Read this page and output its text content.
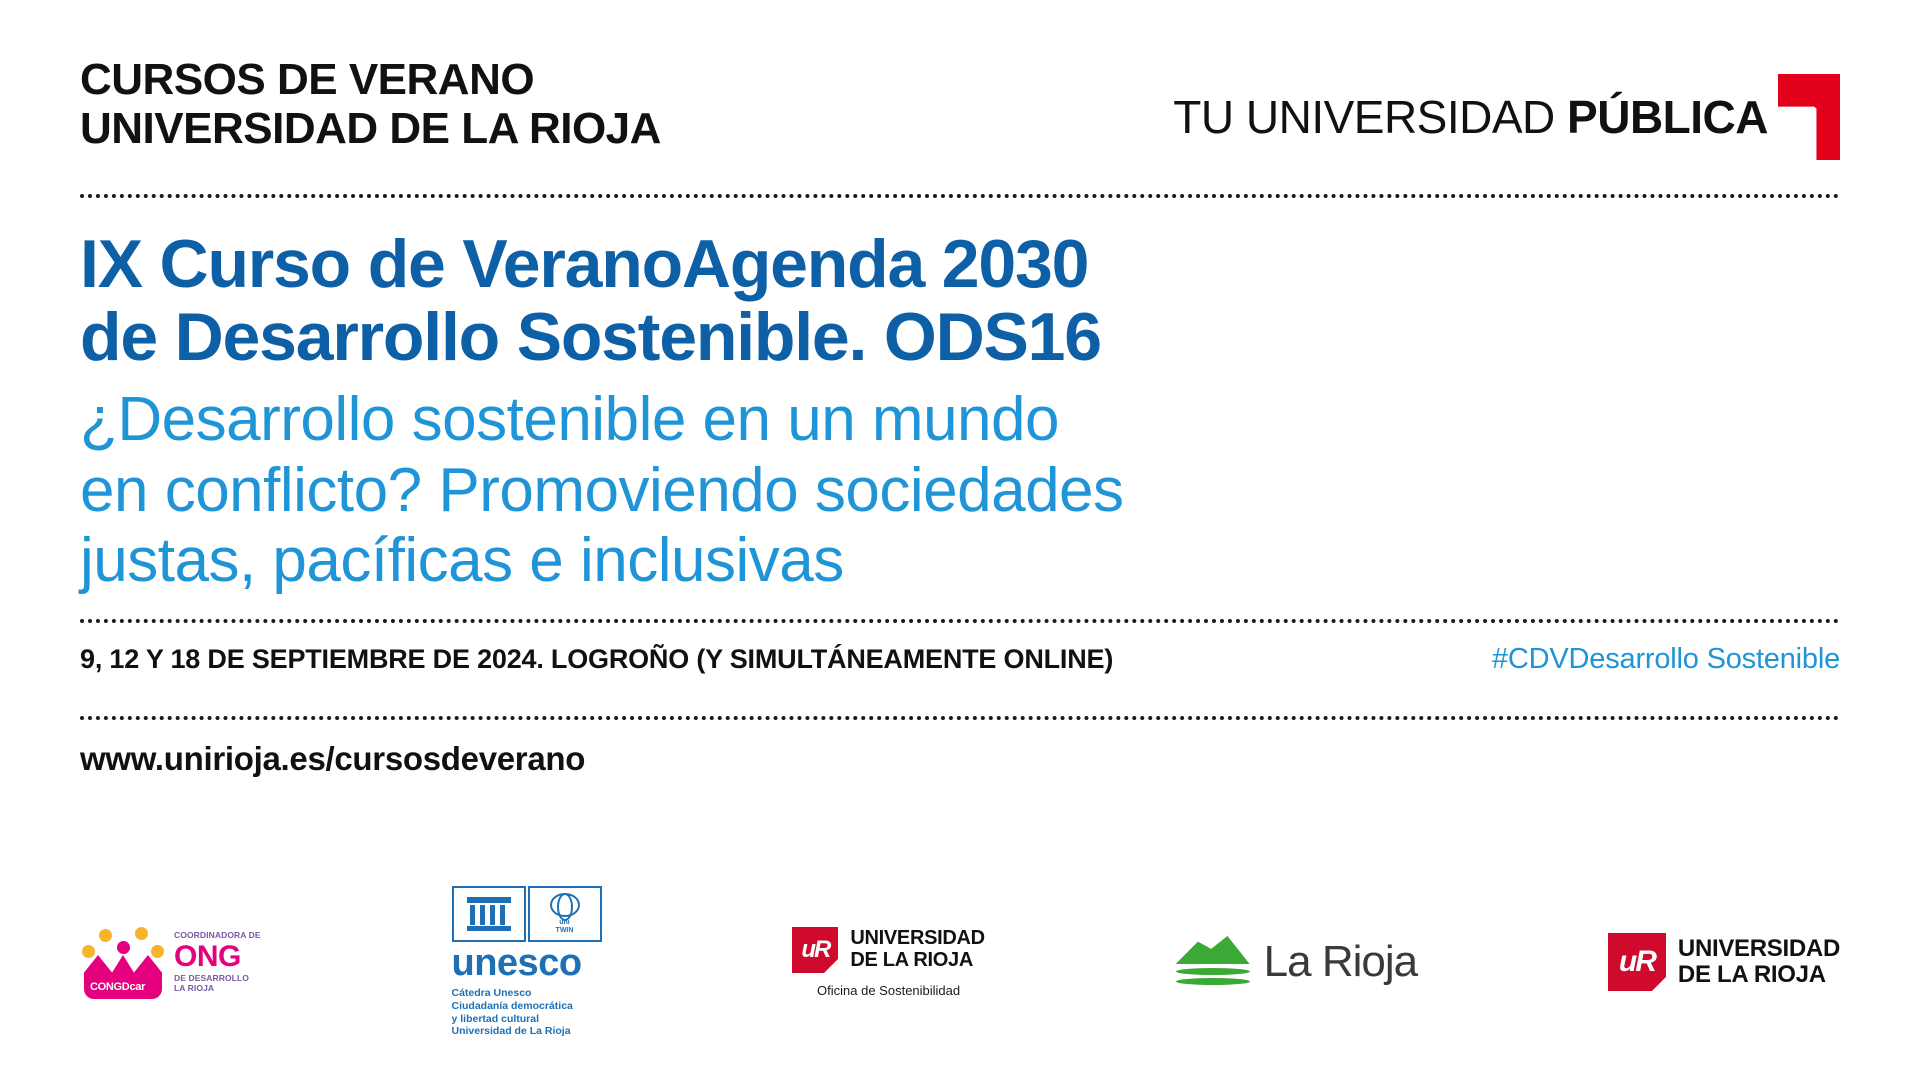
CURSOS DE VERANO
UNIVERSIDAD DE LA RIOJA	TU UNIVERSIDAD PÚBLICA
IX Curso de VeranoAgenda 2030
de Desarrollo Sostenible. ODS16
¿Desarrollo sostenible en un mundo
en conflicto? Promoviendo sociedades
justas, pacíficas e inclusivas
9, 12 Y 18 DE SEPTIEMBRE DE 2024. LOGROÑO (Y SIMULTÁNEAMENTE ONLINE)	#CDVDesarrollo Sostenible
www.unirioja.es/cursosdeverano
CONGDcar
COORDINADORA DE
ONG
DE DESARROLLO
LA RIOJA
uni
TWIN
unesco
Cátedra Unesco
Ciudadanía democrática
y libertad cultural
Universidad de La Rioja
uR UNIVERSIDAD
DE LA RIOJA
Oficina de Sostenibilidad
La Rioja	uR UNIVERSIDAD
DE LA RIOJA
